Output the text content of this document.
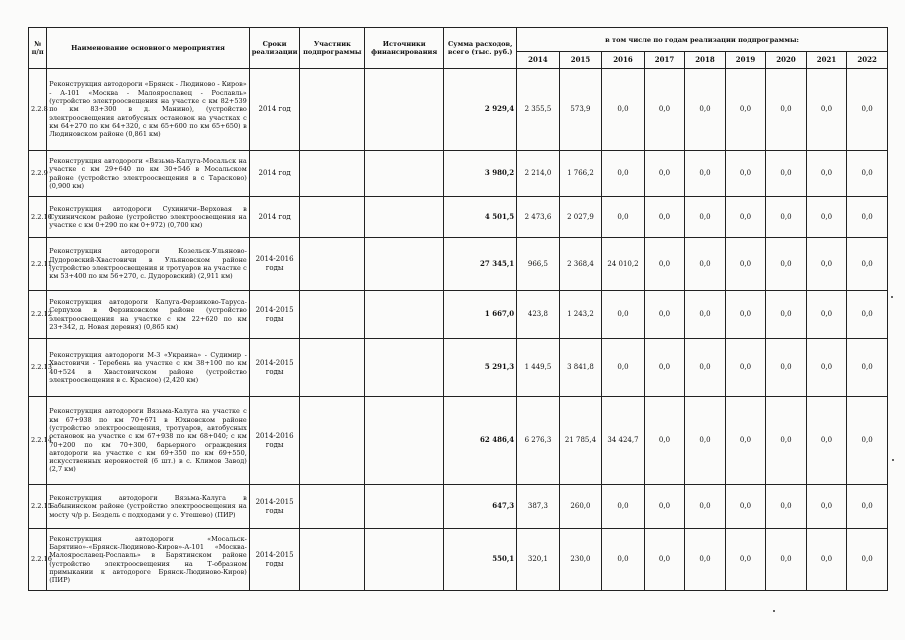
№ п/п	Наименование основного мероприятия	Сроки реализации	Участник подпрограммы	Источники финансирования	Сумма расходов, всего (тыс. руб.)	в том числе по годам реализации подпрограммы:								
						2014	2015	2016	2017	2018	2019	2020	2021	2022
2.2.8	Реконструкция автодороги «Брянск - Людиново - Киров» - А-101 «Москва - Малоярославец - Рославль» (устройство электроосвещения на участке с км 82+539 по км 83+300 в д. Манино), (устройство электроосвещения автобусных остановок на участках с км 64+270 по км 64+320, с км 65+600 по км 65+650) в Людиновском районе (0,861 км)	2014 год			2 929,4	2 355,5	573,9	0,0	0,0	0,0	0,0	0,0	0,0	0,0
2.2.9	Реконструкция автодороги «Вязьма-Калуга-Мосальск на участке с км 29+640 по км 30+546 в Мосальском районе (устройство электроосвещения в с Тарасково) (0,900 км)	2014 год			3 980,2	2 214,0	1 766,2	0,0	0,0	0,0	0,0	0,0	0,0	0,0
2.2.10	Реконструкция автодороги Сухиничи–Верховая в Сухиничском районе (устройство электроосвещения на участке с км 0+290 по км 0+972) (0,700 км)	2014 год			4 501,5	2 473,6	2 027,9	0,0	0,0	0,0	0,0	0,0	0,0	0,0
2.2.11	Реконструкция автодороги Козельск-Ульяново-Дудоровский-Хвастовичи в Ульяновском районе (устройство электроосвещения и тротуаров на участке с км 53+400 по км 56+270, с. Дудоровский) (2,911 км)	2014-2016 годы			27 345,1	966,5	2 368,4	24 010,2	0,0	0,0	0,0	0,0	0,0	0,0
2.2.12	Реконструкция автодороги Калуга-Ферзиково-Таруса-Серпухов в Ферзиковском районе (устройство электроосвещения на участке с км 22+620 по км 23+342, д. Новая деревня) (0,865 км)	2014-2015 годы			1 667,0	423,8	1 243,2	0,0	0,0	0,0	0,0	0,0	0,0	0,0
2.2.13	Реконструкция автодороги М-3 «Украина» - Судимир - Хвастовичи - Теребень на участке с км 38+100 по км 40+524 в Хвастовичском районе (устройство электроосвещения в с. Красное) (2,420 км)	2014-2015 годы			5 291,3	1 449,5	3 841,8	0,0	0,0	0,0	0,0	0,0	0,0	0,0
2.2.14	Реконструкция автодороги Вязьма-Калуга на участке с км 67+938 по км 70+671 в Юхновском районе (устройство электроосвещения, тротуаров, автобусных остановок на участке с км 67+938 по км 68+040; с км 70+200 по км 70+300, барьерного ограждения автодороги на участке с км 69+350 по км 69+550, искусственных неровностей (6 шт.) в с. Климов Завод) (2,7 км)	2014-2016 годы			62 486,4	6 276,3	21 785,4	34 424,7	0,0	0,0	0,0	0,0	0,0	0,0
2.2.15	Реконструкция автодороги Вязьма-Калуга в Бабынинском районе (устройство электроосвещения на мосту ч/р р. Бездель с подходами у с. Утешево) (ПИР)	2014-2015 годы			647,3	387,3	260,0	0,0	0,0	0,0	0,0	0,0	0,0	0,0
2.2.16	Реконструкция автодороги «Мосальск-Барятино»-«Брянск-Людиново-Киров»-А-101 «Москва-Малоярославец-Рославль» в Барятинском районе (устройство электроосвещения на Т-образном примыкании к автодороге Брянск-Людиново-Киров) (ПИР)	2014-2015 годы			550,1	320,1	230,0	0,0	0,0	0,0	0,0	0,0	0,0	0,0
